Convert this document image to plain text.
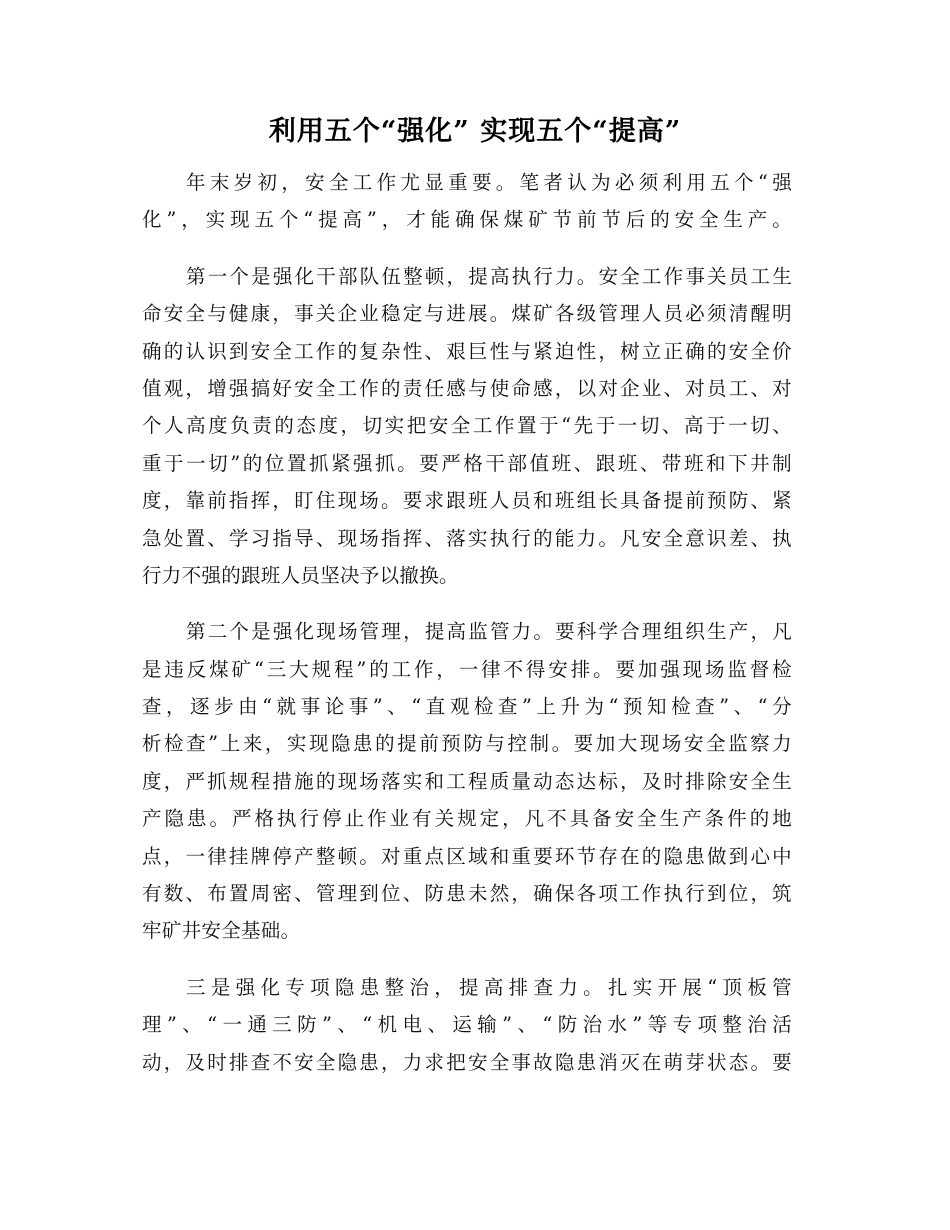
利用五个“强化” 实现五个“提高”

年末岁初，安全工作尤显重要。笔者认为必须利用五个“强
化”，实现五个“提高”，才能确保煤矿节前节后的安全生产。

第一个是强化干部队伍整顿，提高执行力。安全工作事关员工生
命安全与健康，事关企业稳定与进展。煤矿各级管理人员必须清醒明
确的认识到安全工作的复杂性、艰巨性与紧迫性，树立正确的安全价
值观，增强搞好安全工作的责任感与使命感，以对企业、对员工、对
个人高度负责的态度，切实把安全工作置于“先于一切、高于一切、
重于一切”的位置抓紧强抓。要严格干部值班、跟班、带班和下井制
度，靠前指挥，盯住现场。要求跟班人员和班组长具备提前预防、紧
急处置、学习指导、现场指挥、落实执行的能力。凡安全意识差、执
行力不强的跟班人员坚决予以撤换。

第二个是强化现场管理，提高监管力。要科学合理组织生产，凡
是违反煤矿“三大规程”的工作，一律不得安排。要加强现场监督检
查，逐步由“就事论事”、“直观检查”上升为“预知检查”、“分
析检查”上来，实现隐患的提前预防与控制。要加大现场安全监察力
度，严抓规程措施的现场落实和工程质量动态达标，及时排除安全生
产隐患。严格执行停止作业有关规定，凡不具备安全生产条件的地
点，一律挂牌停产整顿。对重点区域和重要环节存在的隐患做到心中
有数、布置周密、管理到位、防患未然，确保各项工作执行到位，筑
牢矿井安全基础。

三是强化专项隐患整治，提高排查力。扎实开展“顶板管
理”、“一通三防”、“机电、运输”、“防治水”等专项整治活
动，及时排查不安全隐患，力求把安全事故隐患消灭在萌芽状态。要
